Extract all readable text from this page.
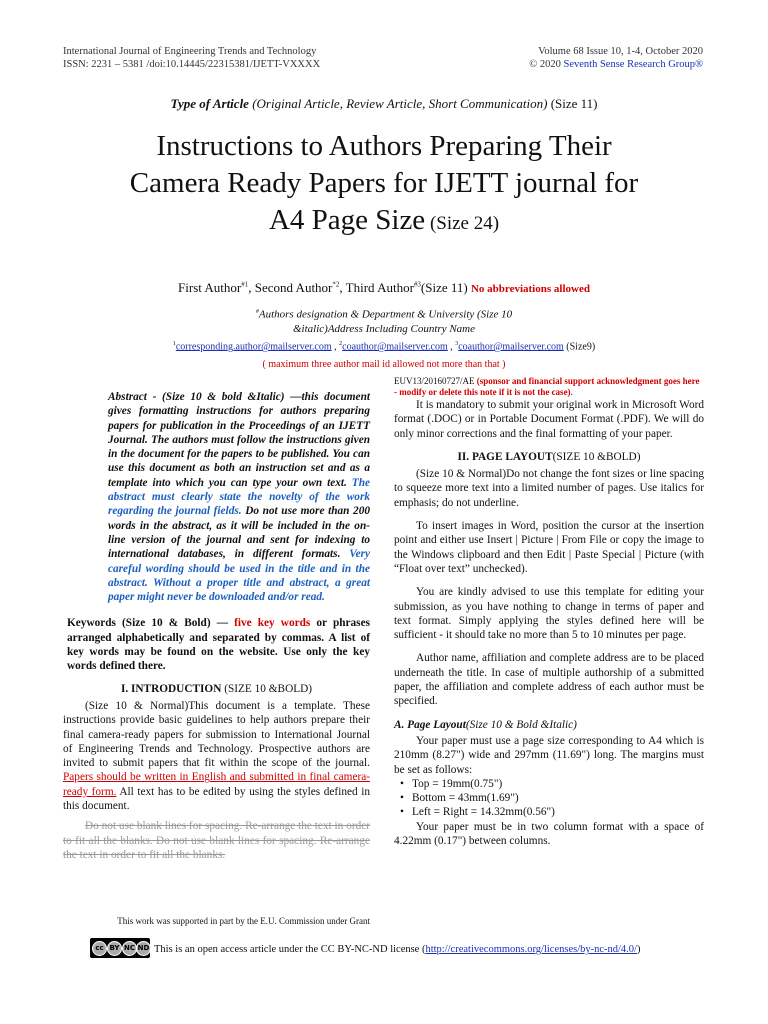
International Journal of Engineering Trends and Technology
ISSN: 2231 – 5381 /doi:10.14445/22315381/IJETT-VXXXX
Volume 68 Issue 10, 1-4, October 2020
© 2020 Seventh Sense Research Group®
Type of Article (Original Article, Review Article, Short Communication) (Size 11)
Instructions to Authors Preparing Their
Camera Ready Papers for IJETT journal for
A4 Page Size (Size 24)
First Author$^{\#1}$, Second Author$^{*2}$, Third Author$^{\#3}$(Size 11) No abbreviations allowed
#Authors designation & Department & University (Size 10
&italic)Address Including Country Name
$^1$corresponding.author@mailserver.com , $^2$coauthor@mailserver.com , $^3$coauthor@mailserver.com (Size9)
( maximum three author mail id allowed not more than that )

Abstract - (Size 10 & bold &Italic) —this document gives formatting instructions for authors preparing papers for publication in the Proceedings of an IJETT Journal. The authors must follow the instructions given in the document for the papers to be published. You can use this document as both an instruction set and as a template into which you can type your own text. The abstract must clearly state the novelty of the work regarding the journal fields. Do not use more than 200 words in the abstract, as it will be included in the on-line version of the journal and sent for indexing to international databases, in different formats. Very careful wording should be used in the title and in the abstract. Without a proper title and abstract, a great paper might never be downloaded and/or read.

Keywords (Size 10 & Bold) — five key words or phrases arranged alphabetically and separated by commas. A list of key words may be found on the website. Use only the key words defined there.

I. INTRODUCTION (SIZE 10 &BOLD)

(Size 10 & Normal)This document is a template. These instructions provide basic guidelines to help authors prepare their final camera-ready papers for submission to International Journal of Engineering Trends and Technology. Prospective authors are invited to submit papers that fit within the scope of the journal. Papers should be written in English and submitted in final camera-ready form. All text has to be edited by using the styles defined in this document.

Do not use blank lines for spacing. Re-arrange the text in order to fit all the blanks. Do not use blank lines for spacing. Re-arrange the text in order to fit all the blanks.

This work was supported in part by the E.U. Commission under Grant

EUV13/20160727/AE (sponsor and financial support acknowledgment goes here - modify or delete this note if it is not the case).

It is mandatory to submit your original work in Microsoft Word format (.DOC) or in Portable Document Format (.PDF). We will do only minor corrections and the final formatting of your paper.

II. PAGE LAYOUT(SIZE 10 &BOLD)

(Size 10 & Normal)Do not change the font sizes or line spacing to squeeze more text into a limited number of pages. Use italics for emphasis; do not underline.

To insert images in Word, position the cursor at the insertion point and either use Insert | Picture | From File or copy the image to the Windows clipboard and then Edit | Paste Special | Picture (with “Float over text” unchecked).

You are kindly advised to use this template for editing your submission, as you have nothing to change in terms of paper and text format. Simply applying the styles defined here will be sufficient - it should take no more than 5 to 10 minutes per page.

Author name, affiliation and complete address are to be placed underneath the title. In case of multiple authorship of a submitted paper, the affiliation and complete address of each author must be specified.

A. Page Layout(Size 10 & Bold &Italic)

Your paper must use a page size corresponding to A4 which is 210mm (8.27") wide and 297mm (11.69") long. The margins must be set as follows:

• Top = 19mm(0.75")
• Bottom = 43mm(1.69")
• Left = Right = 14.32mm(0.56")

Your paper must be in two column format with a space of 4.22mm (0.17") between columns.

cc BY NC ND This is an open access article under the CC BY-NC-ND license (http://creativecommons.org/licenses/by-nc-nd/4.0/)
